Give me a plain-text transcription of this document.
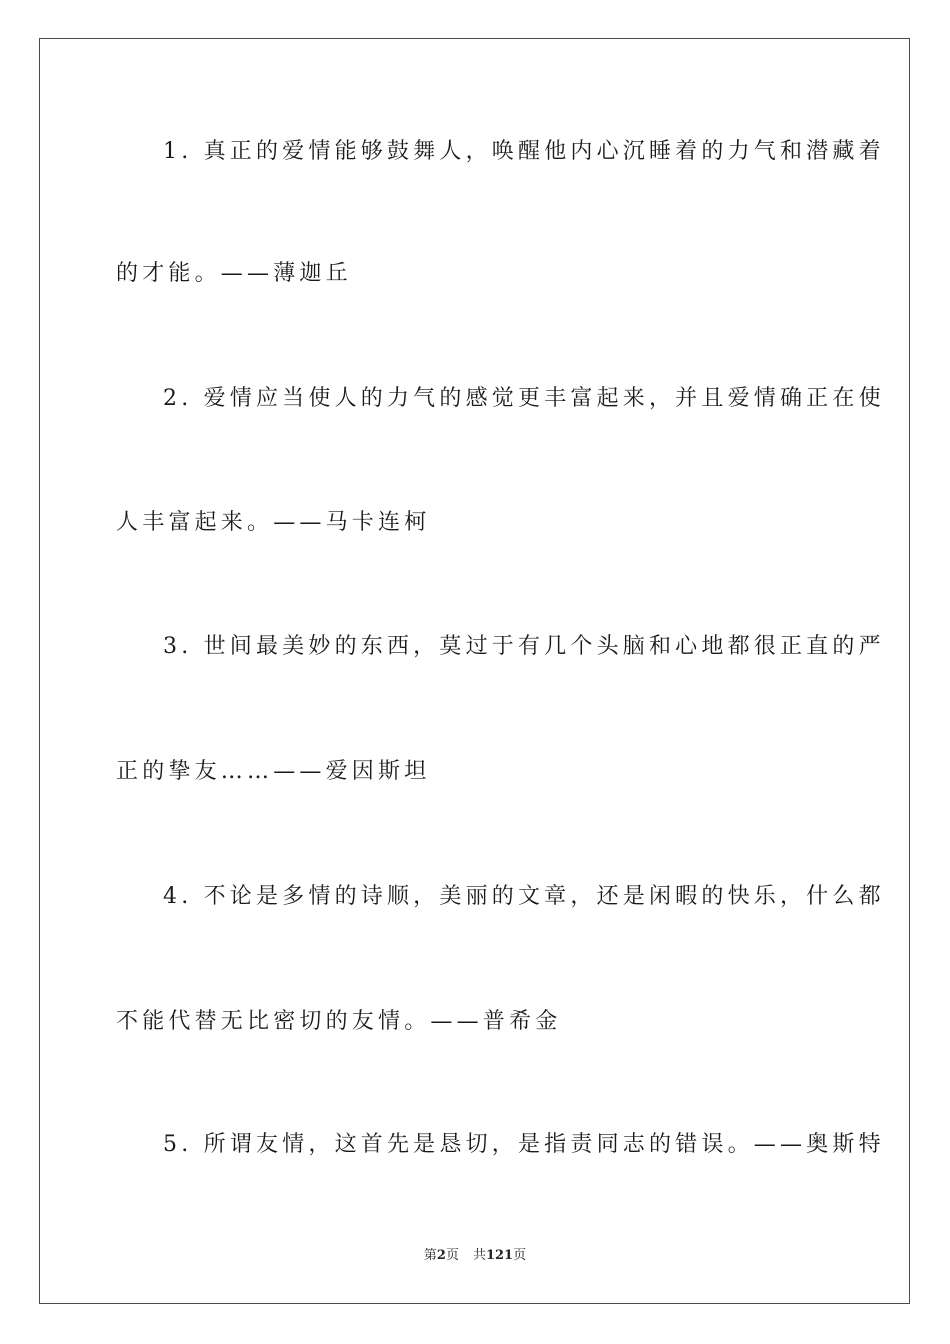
1. 真正的爱情能够鼓舞人，唤醒他内心沉睡着的力气和潜藏着
的才能。——薄迦丘
2. 爱情应当使人的力气的感觉更丰富起来，并且爱情确正在使
人丰富起来。——马卡连柯
3. 世间最美妙的东西，莫过于有几个头脑和心地都很正直的严
正的挚友……——爱因斯坦
4. 不论是多情的诗顺，美丽的文章，还是闲暇的快乐，什么都
不能代替无比密切的友情。——普希金
5. 所谓友情，这首先是恳切，是指责同志的错误。——奥斯特
第2页 共121页
